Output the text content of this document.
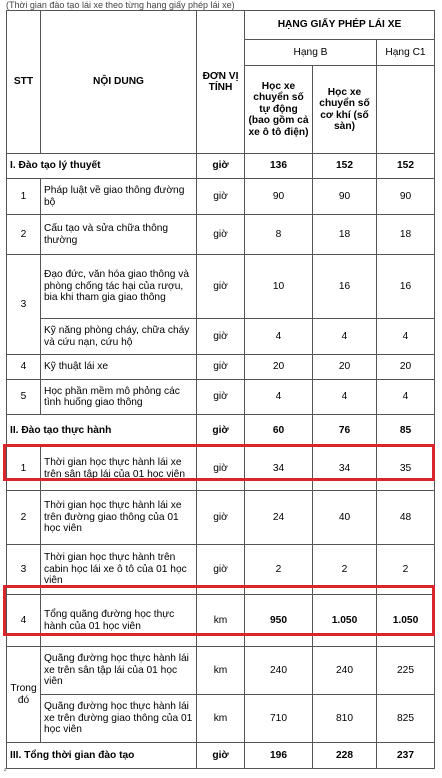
(Thời gian đào tạo lái xe theo từng hạng giấy phép lái xe)
STT	NỘI DUNG	ĐƠN VỊ TÍNH	HẠNG GIẤY PHÉP LÁI XE		
			Hạng B		Hạng C1
			Học xe chuyển số tự động (bao gồm cả xe ô tô điện)	Học xe chuyển số cơ khí (số sàn)	
I. Đào tạo lý thuyết		giờ	136	152	152
1	Pháp luật về giao thông đường bộ	giờ	90	90	90
2	Cấu tạo và sửa chữa thông thường	giờ	8	18	18
3	Đạo đức, văn hóa giao thông và phòng chống tác hại của rượu, bia khi tham gia giao thông	giờ	10	16	16
	Kỹ năng phòng cháy, chữa cháy và cứu nạn, cứu hộ	giờ	4	4	4
4	Kỹ thuật lái xe	giờ	20	20	20
5	Học phần mềm mô phỏng các tình huống giao thông	giờ	4	4	4
II. Đào tạo thực hành		giờ	60	76	85
1	Thời gian học thực hành lái xe trên sân tập lái của 01 học viên	giờ	34	34	35
2	Thời gian học thực hành lái xe trên đường giao thông của 01 học viên	giờ	24	40	48
3	Thời gian học thực hành trên cabin học lái xe ô tô của 01 học viên	giờ	2	2	2
4	Tổng quãng đường học thực hành của 01 học viên	km	950	1.050	1.050
Trong đó	Quãng đường học thực hành lái xe trên sân tập lái của 01 học viên	km	240	240	225
	Quãng đường học thực hành lái xe trên đường giao thông của 01 học viên	km	710	810	825
III. Tổng thời gian đào tạo		giờ	196	228	237
²
